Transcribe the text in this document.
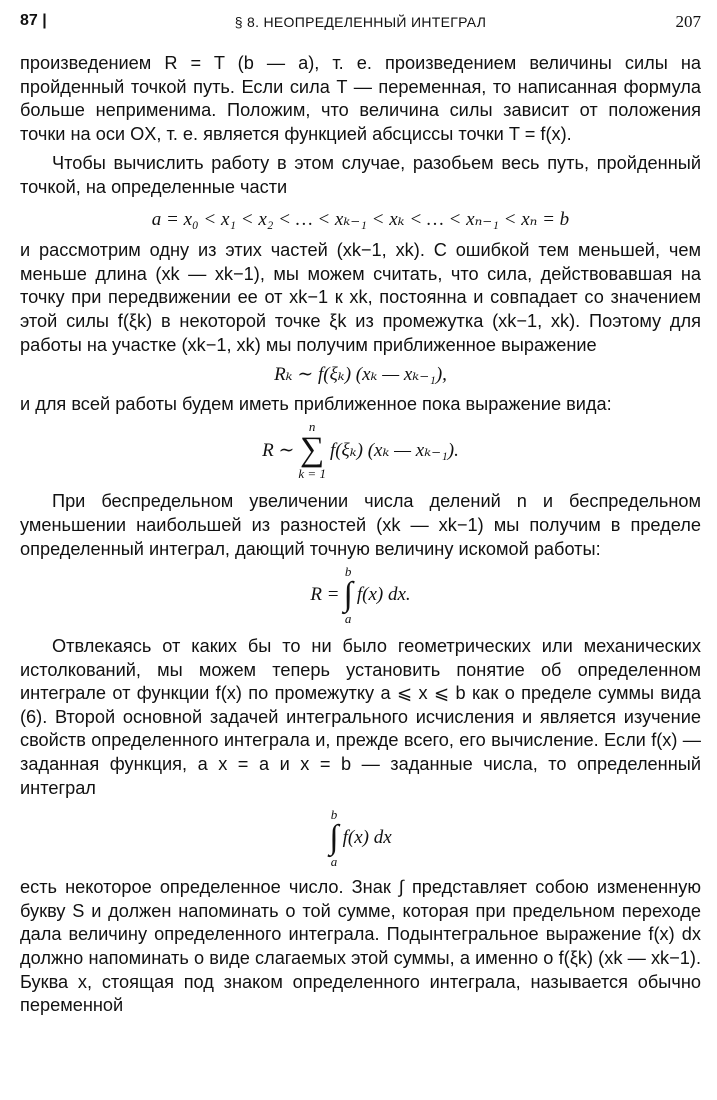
87 |	§ 8. НЕОПРЕДЕЛЕННЫЙ ИНТЕГРАЛ	207

произведением R = T (b — a), т. е. произведением величины силы на пройденный точкой путь. Если сила T — переменная, то написанная формула больше неприменима. Положим, что величина силы зависит от положения точки на оси OX, т. е. является функцией абсциссы точки T = f(x).

Чтобы вычислить работу в этом случае, разобьем весь путь, пройденный точкой, на определенные части

a = x₀ < x₁ < x₂ < … < xₖ₋₁ < xₖ < … < xₙ₋₁ < xₙ = b

и рассмотрим одну из этих частей (xk−1, xk). С ошибкой тем меньшей, чем меньше длина (xk — xk−1), мы можем считать, что сила, действовавшая на точку при передвижении ее от xk−1 к xk, постоянна и совпадает со значением этой силы f(ξk) в некоторой точке ξk из промежутка (xk−1, xk). Поэтому для работы на участке (xk−1, xk) мы получим приближенное выражение

Rₖ ∼ f(ξₖ) (xₖ — xₖ₋₁),

и для всей работы будем иметь приближенное пока выражение вида:

R ∼
n
∑
k = 1
f(ξₖ) (xₖ — xₖ₋₁).

При беспредельном увеличении числа делений n и беспредельном уменьшении наибольшей из разностей (xk — xk−1) мы получим в пределе определенный интеграл, дающий точную величину искомой работы:

R =
b
∫
a
f(x) dx.

Отвлекаясь от каких бы то ни было геометрических или механических истолкований, мы можем теперь установить понятие об определенном интеграле от функции f(x) по промежутку a ⩽ x ⩽ b как о пределе суммы вида (6). Второй основной задачей интегрального исчисления и является изучение свойств определенного интеграла и, прежде всего, его вычисление. Если f(x) — заданная функция, а x = a и x = b — заданные числа, то определенный интеграл

b
∫
a
f(x) dx

есть некоторое определенное число. Знак ∫ представляет собою измененную букву S и должен напоминать о той сумме, которая при предельном переходе дала величину определенного интеграла. Подынтегральное выражение f(x) dx должно напоминать о виде слагаемых этой суммы, а именно о f(ξk) (xk — xk−1). Буква x, стоящая под знаком определенного интеграла, называется обычно переменной
